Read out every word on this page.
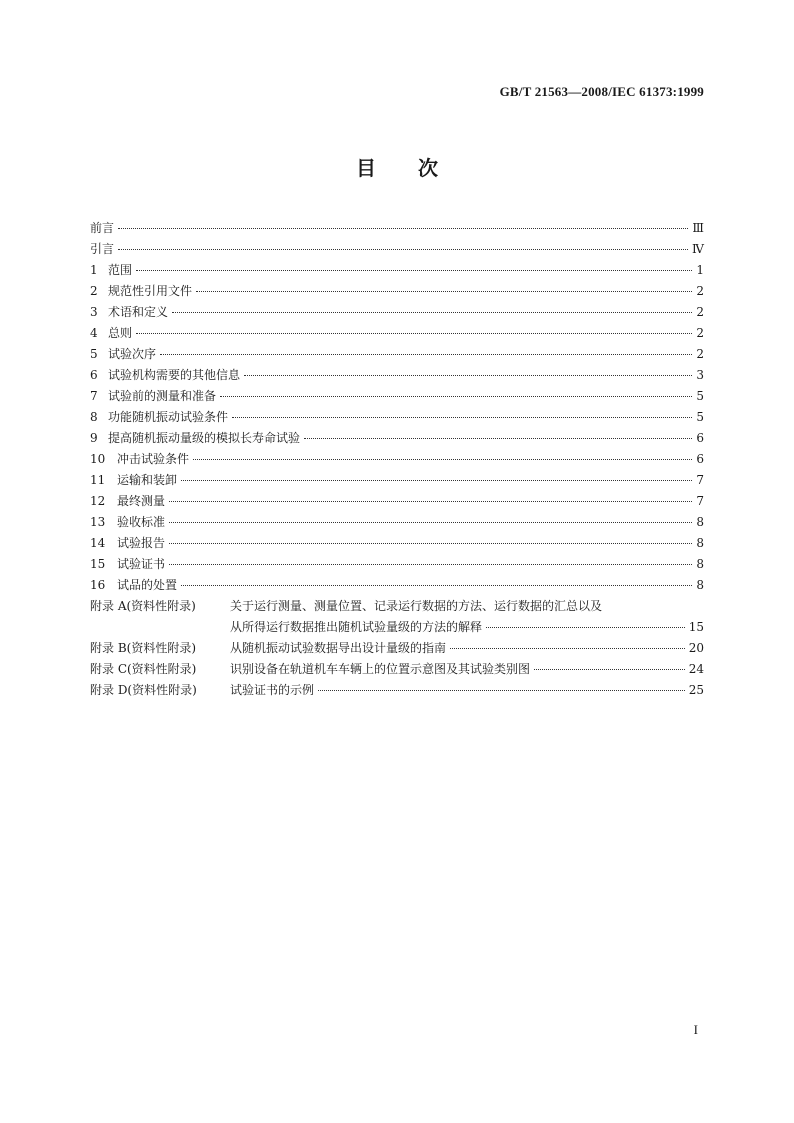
GB/T 21563—2008/IEC 61373:1999
目次
前言	Ⅲ
引言	Ⅳ
1 范围	1
2 规范性引用文件	2
3 术语和定义	2
4 总则	2
5 试验次序	2
6 试验机构需要的其他信息	3
7 试验前的测量和准备	5
8 功能随机振动试验条件	5
9 提高随机振动量级的模拟长寿命试验	6
10 冲击试验条件	6
11 运输和装卸	7
12 最终测量	7
13 验收标准	8
14 试验报告	8
15 试验证书	8
16 试品的处置	8
附录 A(资料性附录)	关于运行测量、测量位置、记录运行数据的方法、运行数据的汇总以及
从所得运行数据推出随机试验量级的方法的解释	15
附录 B(资料性附录)	从随机振动试验数据导出设计量级的指南	20
附录 C(资料性附录)	识别设备在轨道机车车辆上的位置示意图及其试验类别图	24
附录 D(资料性附录)	试验证书的示例	25
I
